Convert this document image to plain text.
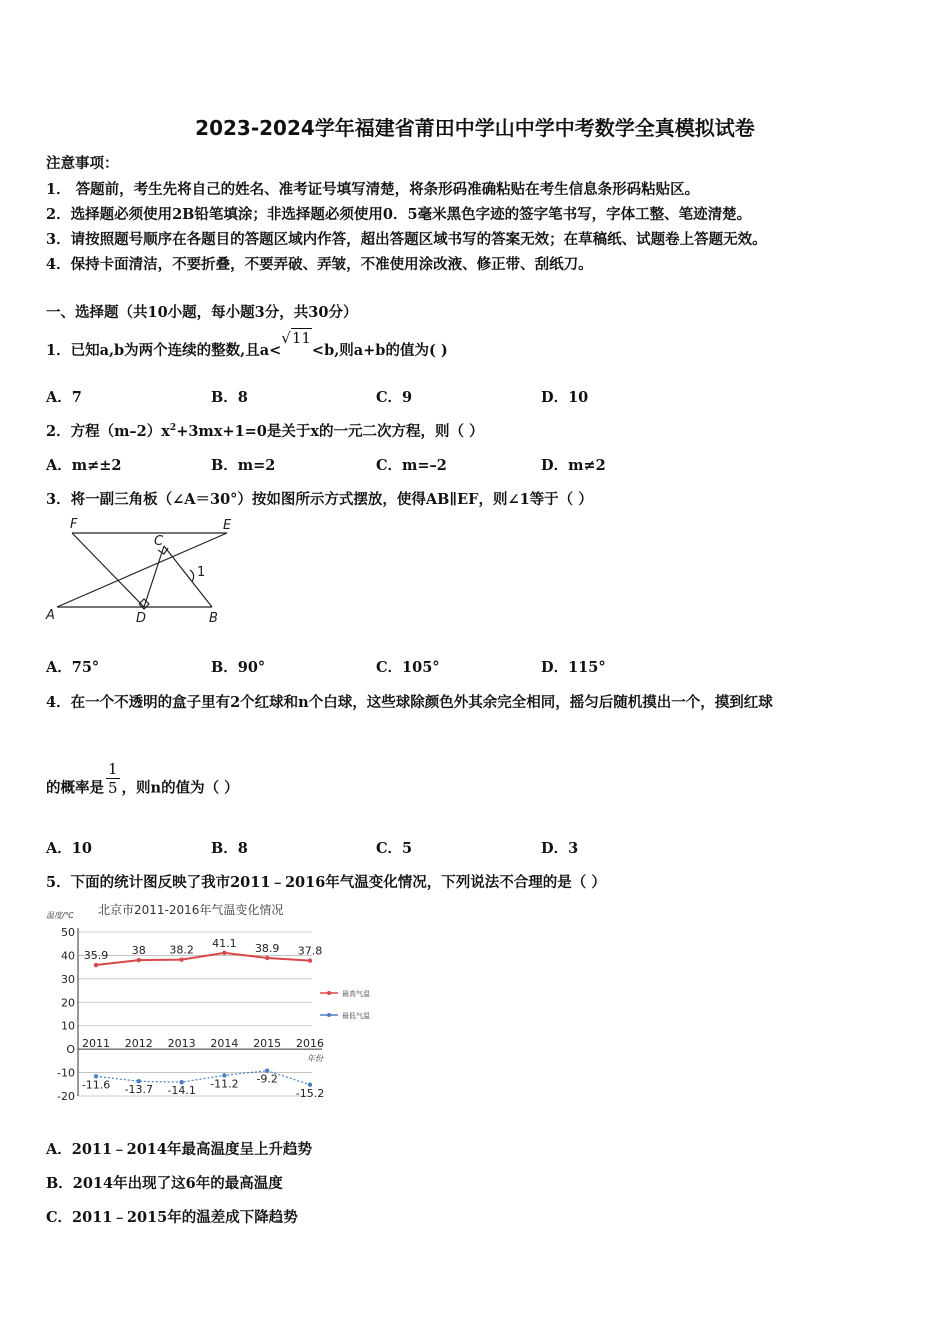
2023-2024学年福建省莆田中学山中学中考数学全真模拟试卷
注意事项：
1． 答题前，考生先将自己的姓名、准考证号填写清楚，将条形码准确粘贴在考生信息条形码粘贴区。
2．选择题必须使用2B铅笔填涂；非选择题必须使用0．5毫米黑色字迹的签字笔书写，字体工整、笔迹清楚。
3．请按照题号顺序在各题目的答题区域内作答，超出答题区域书写的答案无效；在草稿纸、试题卷上答题无效。
4．保持卡面清洁，不要折叠，不要弄破、弄皱，不准使用涂改液、修正带、刮纸刀。
一、选择题（共10小题，每小题3分，共30分）
1．已知a,b为两个连续的整数,且a<√11<b,则a+b的值为( )
A．7	B．8	C．9	D．10
2．方程$(m-2)x^2+3mx+1=0$是关于x的一元二次方程，则（ ）
A．m≠±2	B．m=2	C．m=–2	D．m≠2
3．将一副三角板（∠A＝30°）按如图所示方式摆放，使得AB∥EF，则∠1等于（ ）
F	E
C
1
A	D	B
A．75°	B．90°	C．105°	D．115°
4．在一个不透明的盒子里有2个红球和n个白球，这些球除颜色外其余完全相同，摇匀后随机摸出一个，摸到红球
的概率是 $\frac{1}{5}$ ，则n的值为（ ）
A．10	B．8	C．5	D．3
5．下面的统计图反映了我市2011﹣2016年气温变化情况，下列说法不合理的是（ ）
北京市2011-2016年气温变化情况
温度/℃
年份
50
40
30
20
10
O
-10
-20
2011 2012 2013 2014 2015 2016
35.9 38 38.2
41.1 38.9 37.8
-11.6 -13.7 -14.1
-11.2 -9.2
-15.2
最高气温
最低气温
A．2011﹣2014年最高温度呈上升趋势
B．2014年出现了这6年的最高温度
C．2011﹣2015年的温差成下降趋势
